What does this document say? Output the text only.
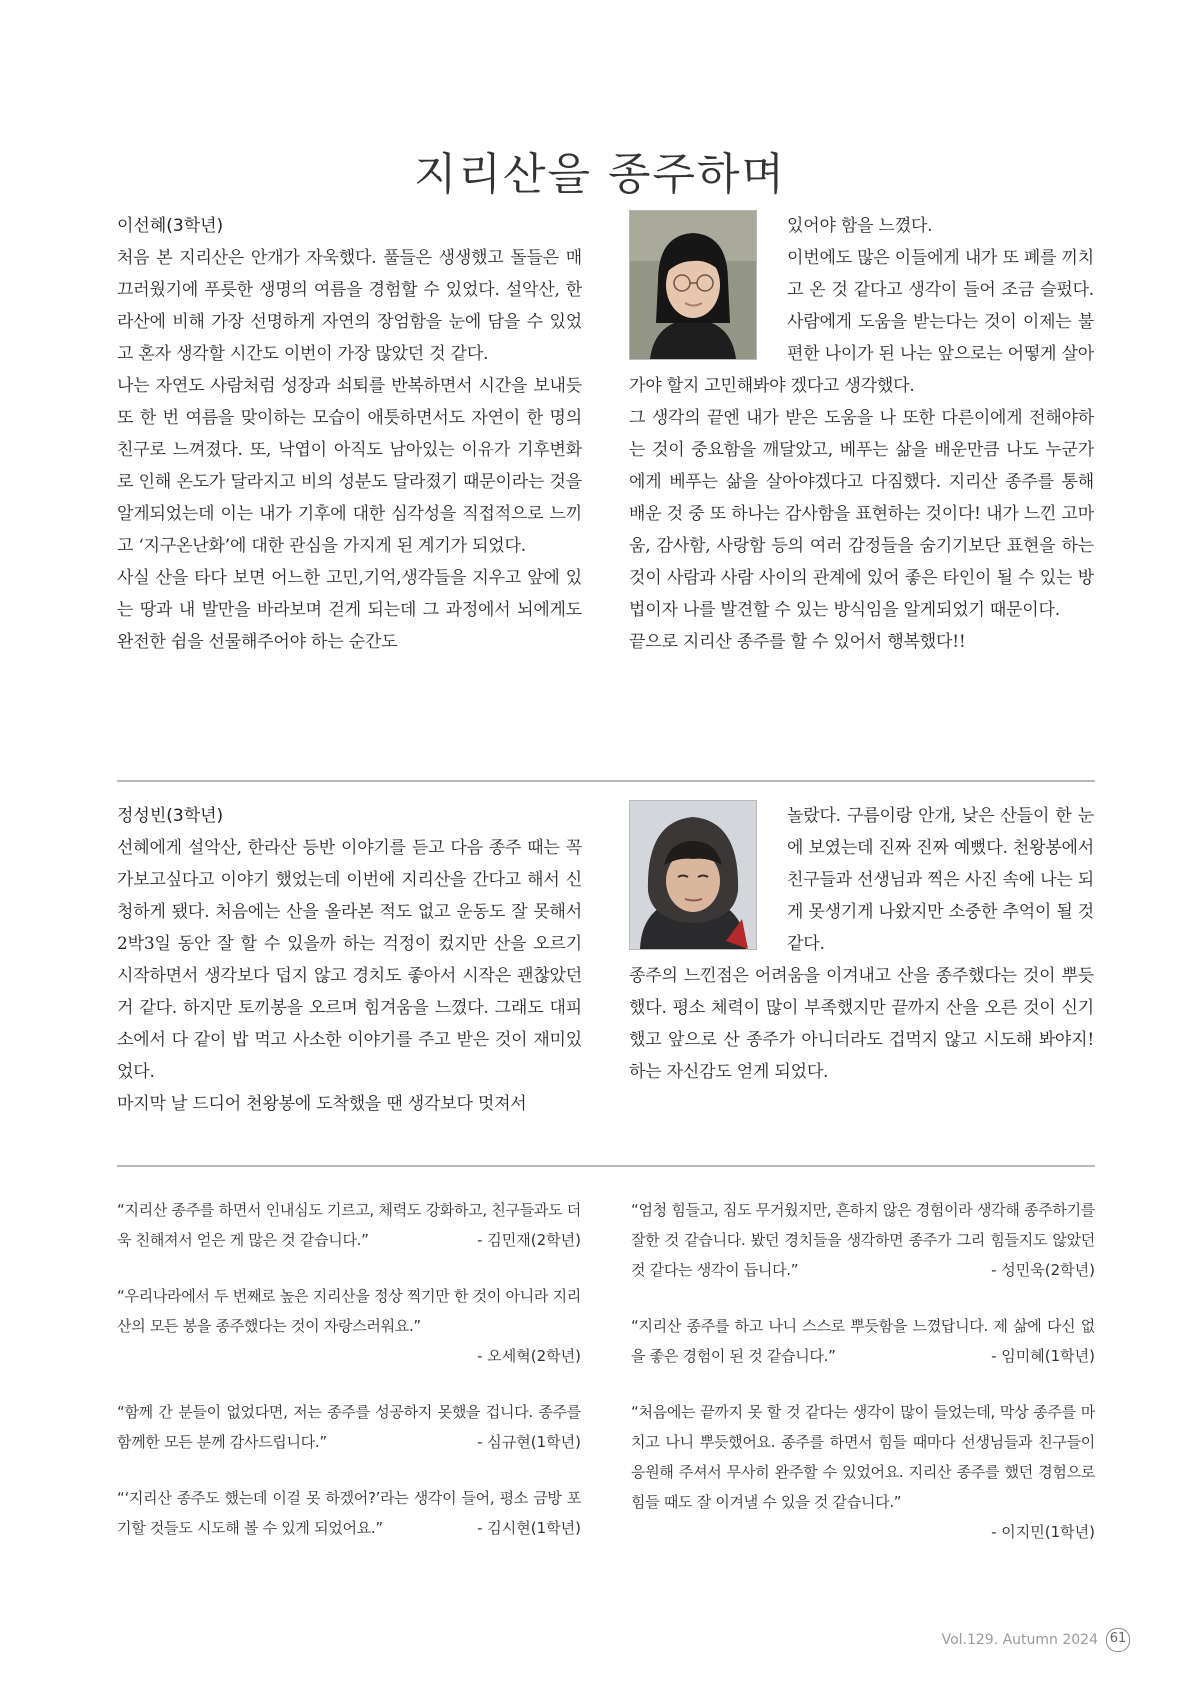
지리산을 종주하며

이선혜(3학년)

처음 본 지리산은 안개가 자욱했다. 풀들은 생생했고 돌들은 매끄러웠기에 푸릇한 생명의 여름을 경험할 수 있었다. 설악산, 한라산에 비해 가장 선명하게 자연의 장엄함을 눈에 담을 수 있었고 혼자 생각할 시간도 이번이 가장 많았던 것 같다.

나는 자연도 사람처럼 성장과 쇠퇴를 반복하면서 시간을 보내듯 또 한 번 여름을 맞이하는 모습이 애틋하면서도 자연이 한 명의 친구로 느껴졌다. 또, 낙엽이 아직도 남아있는 이유가 기후변화로 인해 온도가 달라지고 비의 성분도 달라졌기 때문이라는 것을 알게되었는데 이는 내가 기후에 대한 심각성을 직접적으로 느끼고 ‘지구온난화’에 대한 관심을 가지게 된 계기가 되었다.

사실 산을 타다 보면 어느한 고민,기억,생각들을 지우고 앞에 있는 땅과 내 발만을 바라보며 걷게 되는데 그 과정에서 뇌에게도 완전한 쉼을 선물해주어야 하는 순간도

있어야 함을 느꼈다.

이번에도 많은 이들에게 내가 또 폐를 끼치고 온 것 같다고 생각이 들어 조금 슬펐다. 사람에게 도움을 받는다는 것이 이제는 불편한 나이가 된 나는 앞으로는 어떻게 살아가야 할지 고민해봐야 겠다고 생각했다.

그 생각의 끝엔 내가 받은 도움을 나 또한 다른이에게 전해야하는 것이 중요함을 깨달았고, 베푸는 삶을 배운만큼 나도 누군가에게 베푸는 삶을 살아야겠다고 다짐했다. 지리산 종주를 통해 배운 것 중 또 하나는 감사함을 표현하는 것이다! 내가 느낀 고마움, 감사함, 사랑함 등의 여러 감정들을 숨기기보단 표현을 하는것이 사람과 사람 사이의 관계에 있어 좋은 타인이 될 수 있는 방법이자 나를 발견할 수 있는 방식임을 알게되었기 때문이다.

끝으로 지리산 종주를 할 수 있어서 행복했다!!

정성빈(3학년)

선혜에게 설악산, 한라산 등반 이야기를 듣고 다음 종주 때는 꼭 가보고싶다고 이야기 했었는데 이번에 지리산을 간다고 해서 신청하게 됐다. 처음에는 산을 올라본 적도 없고 운동도 잘 못해서 2박3일 동안 잘 할 수 있을까 하는 걱정이 컸지만 산을 오르기 시작하면서 생각보다 덥지 않고 경치도 좋아서 시작은 괜찮았던 거 같다. 하지만 토끼봉을 오르며 힘겨움을 느꼈다. 그래도 대피소에서 다 같이 밥 먹고 사소한 이야기를 주고 받은 것이 재미있었다.

마지막 날 드디어 천왕봉에 도착했을 땐 생각보다 멋져서

놀랐다. 구름이랑 안개, 낮은 산들이 한 눈에 보였는데 진짜 진짜 예뻤다. 천왕봉에서 친구들과 선생님과 찍은 사진 속에 나는 되게 못생기게 나왔지만 소중한 추억이 될 것 같다.

종주의 느낀점은 어려움을 이겨내고 산을 종주했다는 것이 뿌듯했다. 평소 체력이 많이 부족했지만 끝까지 산을 오른 것이 신기했고 앞으로 산 종주가 아니더라도 겁먹지 않고 시도해 봐야지! 하는 자신감도 얻게 되었다.

“지리산 종주를 하면서 인내심도 기르고, 체력도 강화하고, 친구들과도 더욱 친해져서 얻은 게 많은 것 같습니다.”	- 김민재(2학년)

“우리나라에서 두 번째로 높은 지리산을 정상 찍기만 한 것이 아니라 지리산의 모든 봉을 종주했다는 것이 자랑스러워요.”

- 오세혁(2학년)

“함께 간 분들이 없었다면, 저는 종주를 성공하지 못했을 겁니다. 종주를 함께한 모든 분께 감사드립니다.”	- 심규현(1학년)

“‘지리산 종주도 했는데 이걸 못 하겠어?’라는 생각이 들어, 평소 금방 포기할 것들도 시도해 볼 수 있게 되었어요.”	- 김시현(1학년)

“엄청 힘들고, 짐도 무거웠지만, 흔하지 않은 경험이라 생각해 종주하기를 잘한 것 같습니다. 봤던 경치들을 생각하면 종주가 그리 힘들지도 않았던 것 같다는 생각이 듭니다.”	- 성민욱(2학년)

“지리산 종주를 하고 나니 스스로 뿌듯함을 느꼈답니다. 제 삶에 다신 없을 좋은 경험이 된 것 같습니다.”	- 임미혜(1학년)

“처음에는 끝까지 못 할 것 같다는 생각이 많이 들었는데, 막상 종주를 마치고 나니 뿌듯했어요. 종주를 하면서 힘들 때마다 선생님들과 친구들이 응원해 주셔서 무사히 완주할 수 있었어요. 지리산 종주를 했던 경험으로 힘들 때도 잘 이겨낼 수 있을 것 같습니다.”

- 이지민(1학년)

Vol.129. Autumn 2024 61
